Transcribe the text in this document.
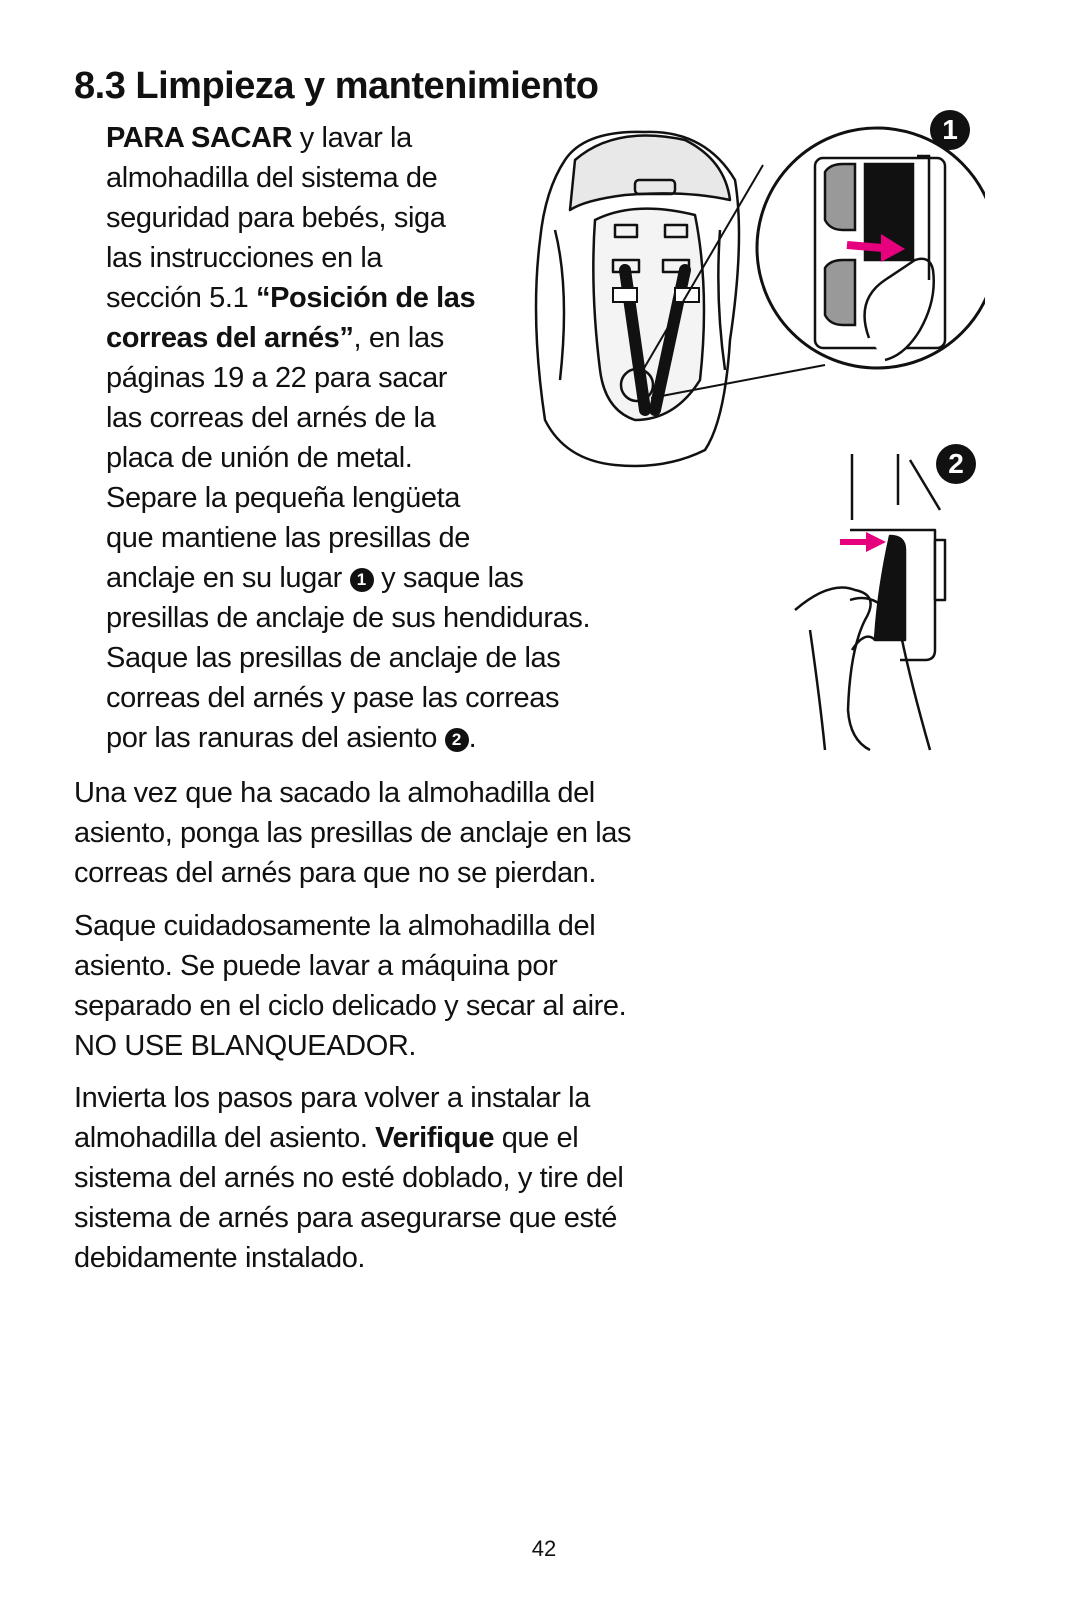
8.3 Limpieza y mantenimiento
PARA SACAR y lavar la
almohadilla del sistema de
seguridad para bebés, siga
las instrucciones en la
sección 5.1 “Posición de las
correas del arnés”, en las
páginas 19 a 22 para sacar
las correas del arnés de la
placa de unión de metal.
Separe la pequeña lengüeta
que mantiene las presillas de
anclaje en su lugar 1 y saque las
presillas de anclaje de sus hendiduras.
Saque las presillas de anclaje de las
correas del arnés y pase las correas
por las ranuras del asiento 2 .
Una vez que ha sacado la almohadilla del
asiento, ponga las presillas de anclaje en las
correas del arnés para que no se pierdan.
Saque cuidadosamente la almohadilla del
asiento. Se puede lavar a máquina por
separado en el ciclo delicado y secar al aire.
NO USE BLANQUEADOR.
Invierta los pasos para volver a instalar la
almohadilla del asiento. Verifique que el
sistema del arnés no esté doblado, y tire del
sistema de arnés para asegurarse que esté
debidamente instalado.
1
2
42
